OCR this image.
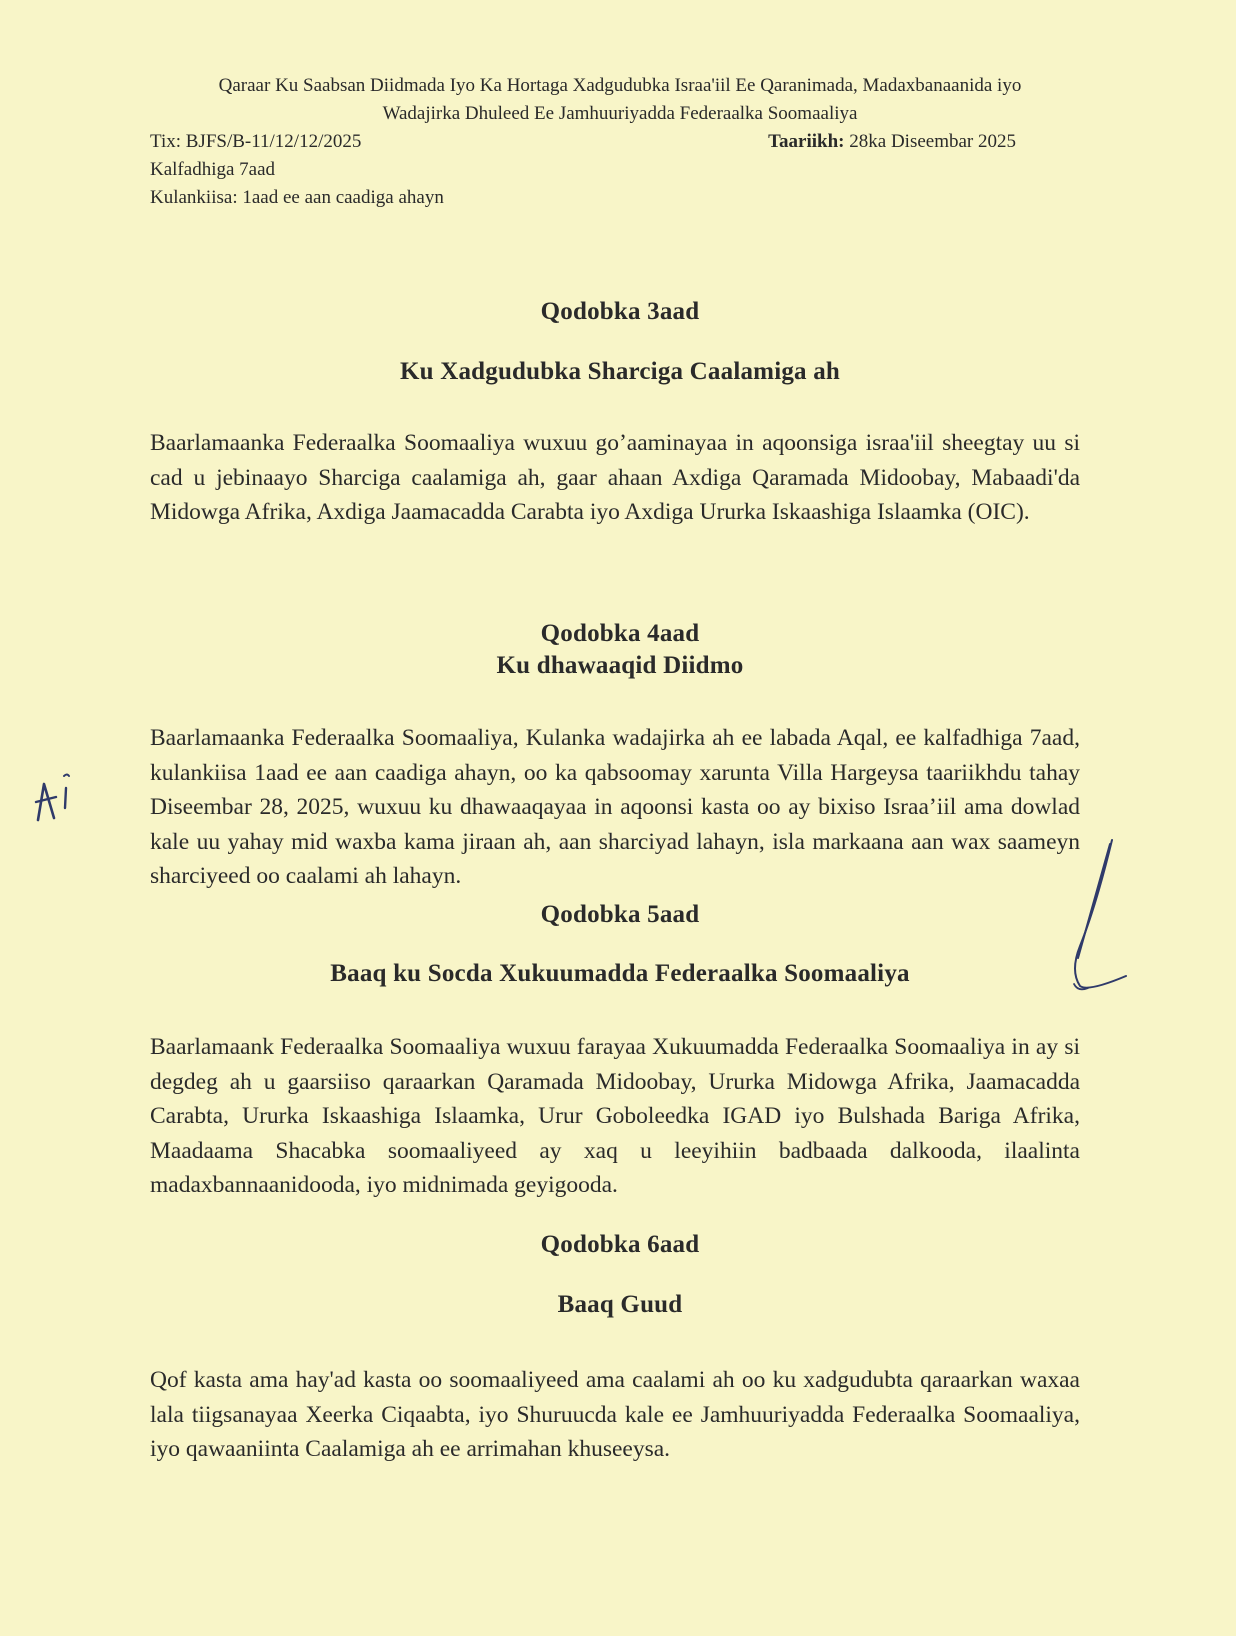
Qaraar Ku Saabsan Diidmada Iyo Ka Hortaga Xadgudubka Israa'iil Ee Qaranimada, Madaxbanaanida iyo
Wadajirka Dhuleed Ee Jamhuuriyadda Federaalka Soomaaliya
Tix: BJFS/B-11/12/12/2025	Taariikh: 28ka Diseembar 2025
Kalfadhiga 7aad
Kulankiisa: 1aad ee aan caadiga ahayn
Qodobka 3aad
Ku Xadgudubka Sharciga Caalamiga ah
Baarlamaanka Federaalka Soomaaliya wuxuu go’aaminayaa in aqoonsiga israa'iil sheegtay uu si cad u jebinaayo Sharciga caalamiga ah, gaar ahaan Axdiga Qaramada Midoobay, Mabaadi'da Midowga Afrika, Axdiga Jaamacadda Carabta iyo Axdiga Ururka Iskaashiga Islaamka (OIC).
Qodobka 4aad
Ku dhawaaqid Diidmo
Baarlamaanka Federaalka Soomaaliya, Kulanka wadajirka ah ee labada Aqal, ee kalfadhiga 7aad, kulankiisa 1aad ee aan caadiga ahayn, oo ka qabsoomay xarunta Villa Hargeysa taariikhdu tahay Diseembar 28, 2025, wuxuu ku dhawaaqayaa in aqoonsi kasta oo ay bixiso Israa’iil ama dowlad kale uu yahay mid waxba kama jiraan ah, aan sharciyad lahayn, isla markaana aan wax saameyn sharciyeed oo caalami ah lahayn.
Qodobka 5aad
Baaq ku Socda Xukuumadda Federaalka Soomaaliya
Baarlamaank Federaalka Soomaaliya wuxuu farayaa Xukuumadda Federaalka Soomaaliya in ay si degdeg ah u gaarsiiso qaraarkan Qaramada Midoobay, Ururka Midowga Afrika, Jaamacadda Carabta, Ururka Iskaashiga Islaamka, Urur Goboleedka IGAD iyo Bulshada Bariga Afrika, Maadaama Shacabka soomaaliyeed ay xaq u leeyihiin badbaada dalkooda, ilaalinta madaxbannaanidooda, iyo midnimada geyigooda.
Qodobka 6aad
Baaq Guud
Qof kasta ama hay'ad kasta oo soomaaliyeed ama caalami ah oo ku xadgudubta qaraarkan waxaa lala tiigsanayaa Xeerka Ciqaabta, iyo Shuruucda kale ee Jamhuuriyadda Federaalka Soomaaliya, iyo qawaaniinta Caalamiga ah ee arrimahan khuseeysa.
